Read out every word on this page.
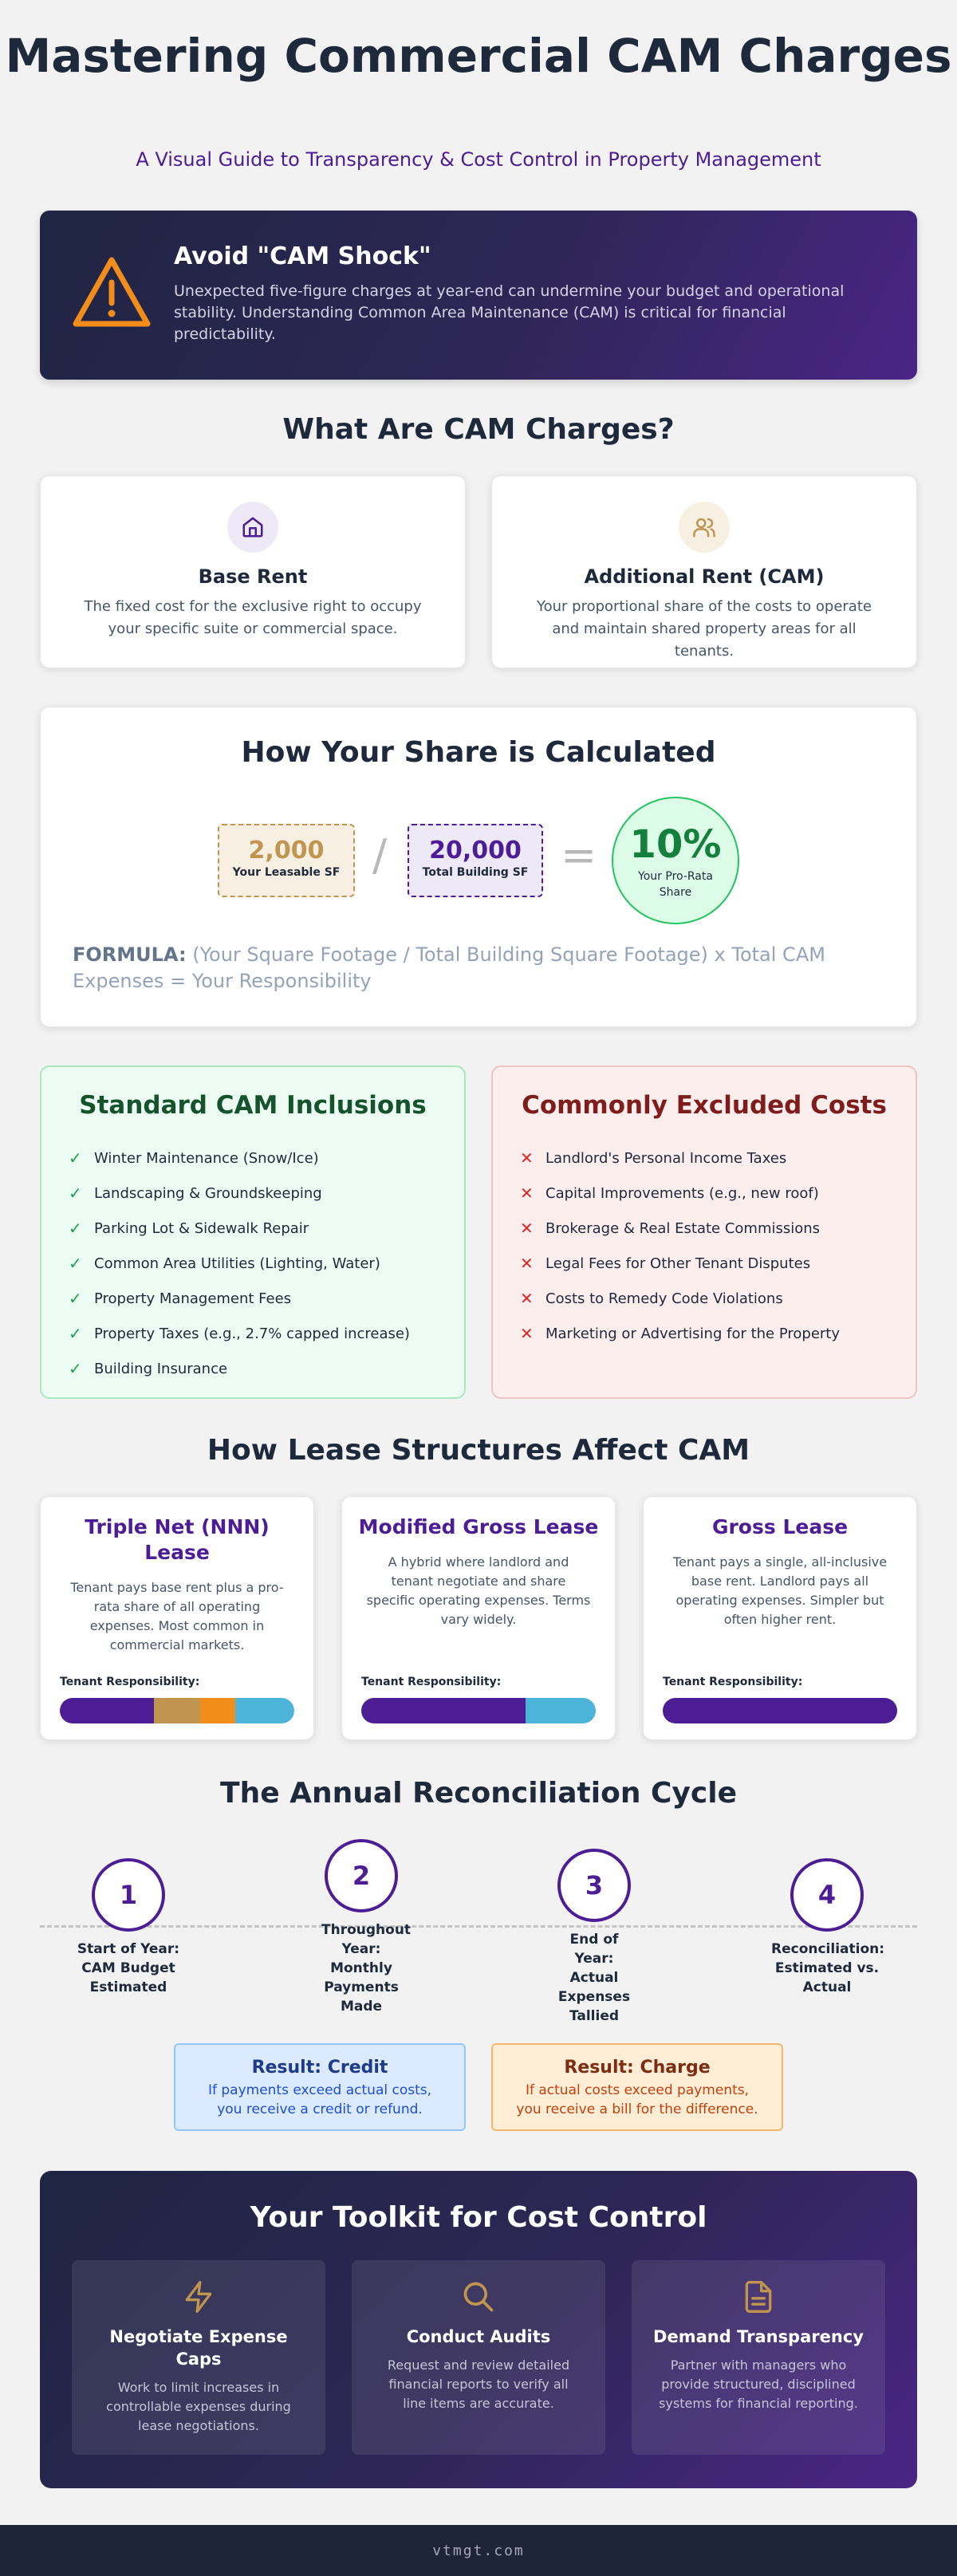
Mastering Commercial CAM Charges
A Visual Guide to Transparency & Cost Control in Property Management
Avoid "CAM Shock"
Unexpected five-figure charges at year-end can undermine your budget and operational stability. Understanding Common Area Maintenance (CAM) is critical for financial predictability.
What Are CAM Charges?
Base Rent
The fixed cost for the exclusive right to occupy your specific suite or commercial space.
Additional Rent (CAM)
Your proportional share of the costs to operate and maintain shared property areas for all tenants.
How Your Share is Calculated
2,000
Your Leasable SF /	20,000
Total Building SF = 10%
Your Pro-Rata Share
FORMULA: (Your Square Footage / Total Building Square Footage) x Total CAM Expenses = Your Responsibility
Standard CAM Inclusions
✓ Winter Maintenance (Snow/Ice)
✓ Landscaping & Groundskeeping
✓ Parking Lot & Sidewalk Repair
✓ Common Area Utilities (Lighting, Water)
✓ Property Management Fees
✓ Property Taxes (e.g., 2.7% capped increase)
✓ Building Insurance
Commonly Excluded Costs
✕ Landlord's Personal Income Taxes
✕ Capital Improvements (e.g., new roof)
✕ Brokerage & Real Estate Commissions
✕ Legal Fees for Other Tenant Disputes
✕ Costs to Remedy Code Violations
✕ Marketing or Advertising for the Property
How Lease Structures Affect CAM
Triple Net (NNN) Lease
Tenant pays base rent plus a pro-rata share of all operating expenses. Most common in commercial markets.
Tenant Responsibility:
Modified Gross Lease
A hybrid where landlord and tenant negotiate and share specific operating expenses. Terms vary widely.
Tenant Responsibility:
Gross Lease
Tenant pays a single, all-inclusive base rent. Landlord pays all operating expenses. Simpler but often higher rent.
Tenant Responsibility:
The Annual Reconciliation Cycle
1
Start of Year: CAM Budget Estimated
2
Throughout Year: Monthly Payments Made
3
End of Year: Actual Expenses Tallied
4
Reconciliation: Estimated vs. Actual
Result: Credit
If payments exceed actual costs, you receive a credit or refund.
Result: Charge
If actual costs exceed payments, you receive a bill for the difference.
Your Toolkit for Cost Control
Negotiate Expense Caps
Work to limit increases in controllable expenses during lease negotiations.
Conduct Audits
Request and review detailed financial reports to verify all line items are accurate.
Demand Transparency
Partner with managers who provide structured, disciplined systems for financial reporting.
vtmgt.com
